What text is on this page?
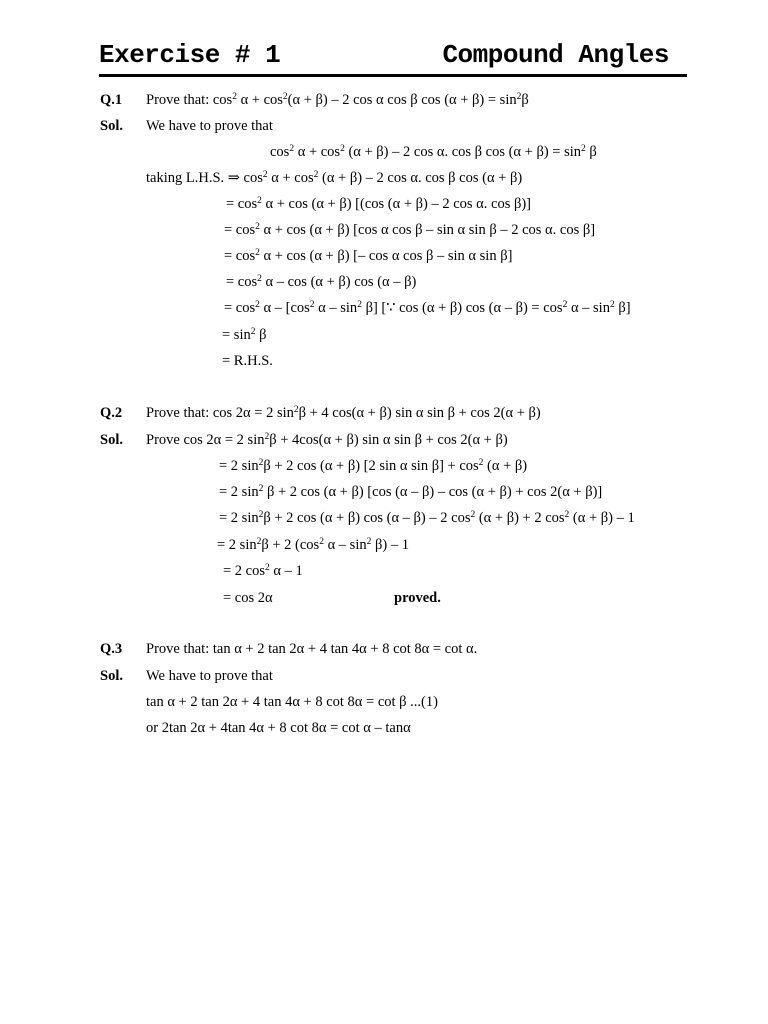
Exercise # 1	Compound Angles
Q.1 Prove that: $\cos^2 \alpha + \cos^2(\alpha + \beta) - 2$ cos α cos β $\cos (\alpha + \beta) = \sin^2\beta$
Sol. We have to prove that
$\cos^2 \alpha + \cos^2 (\alpha + \beta) - 2$ cos α. cos β $\cos (\alpha + \beta) = \sin^2 \beta$
taking L.H.S. ⇒ $\cos^2 \alpha + \cos^2 (\alpha + \beta) - 2$ cos α. cos β cos (α + β)
= $\cos^2 \alpha + \cos (\alpha + \beta)$ [(cos (α + β) – 2 cos α. cos β)]
= $\cos^2 \alpha + \cos (\alpha + \beta)$ [cos α cos β – sin α sin β – 2 cos α. cos β]
= $\cos^2 \alpha + \cos (\alpha + \beta)$ [– cos α cos β – sin α sin β]
= $\cos^2 \alpha - \cos (\alpha + \beta)$ cos (α – β)
= $\cos^2 \alpha - [\cos^2$ α – $\sin^2 \beta$] [∵ cos (α + β) $\cos (\alpha - \beta) = \cos^2 \alpha - \sin^2 \beta$]
= $\sin^2 \beta$
= R.H.S.
Q.2 Prove that: cos 2α = 2 $\sin^2\beta + 4$ cos(α + β) sin α sin β + cos 2(α + β)
Sol. Prove cos 2α = 2 $\sin^2\beta + 4\cos(\alpha + \beta)$ sin α sin β + cos 2(α + β)
= 2 $\sin^2\beta + 2$ cos (α + β) [2 sin α $\sin \beta] + \cos^2 (\alpha + \beta)$
= 2 $\sin^2 \beta + 2$ cos (α + β) [cos (α – β) – cos (α + β) + cos 2(α + β)]
= 2 $\sin^2\beta + 2$ cos (α + β) cos (α – β) – 2 $\cos^2 (\alpha + \beta) + 2$ $\cos^2 (\alpha + \beta) - 1$
= 2 $\sin^2\beta + 2$ ($\cos^2$ α – $\sin^2 \beta) - 1$
= 2 $\cos^2 \alpha - 1$
= cos 2α	proved.
Q.3 Prove that: tan α + 2 tan 2α + 4 tan 4α + 8 cot 8α = cot α.
Sol. We have to prove that
tan α + 2 tan 2α + 4 tan 4α + 8 cot 8α = cot β ...(1)
or 2tan 2α + 4tan 4α + 8 cot 8α = cot α – tanα
